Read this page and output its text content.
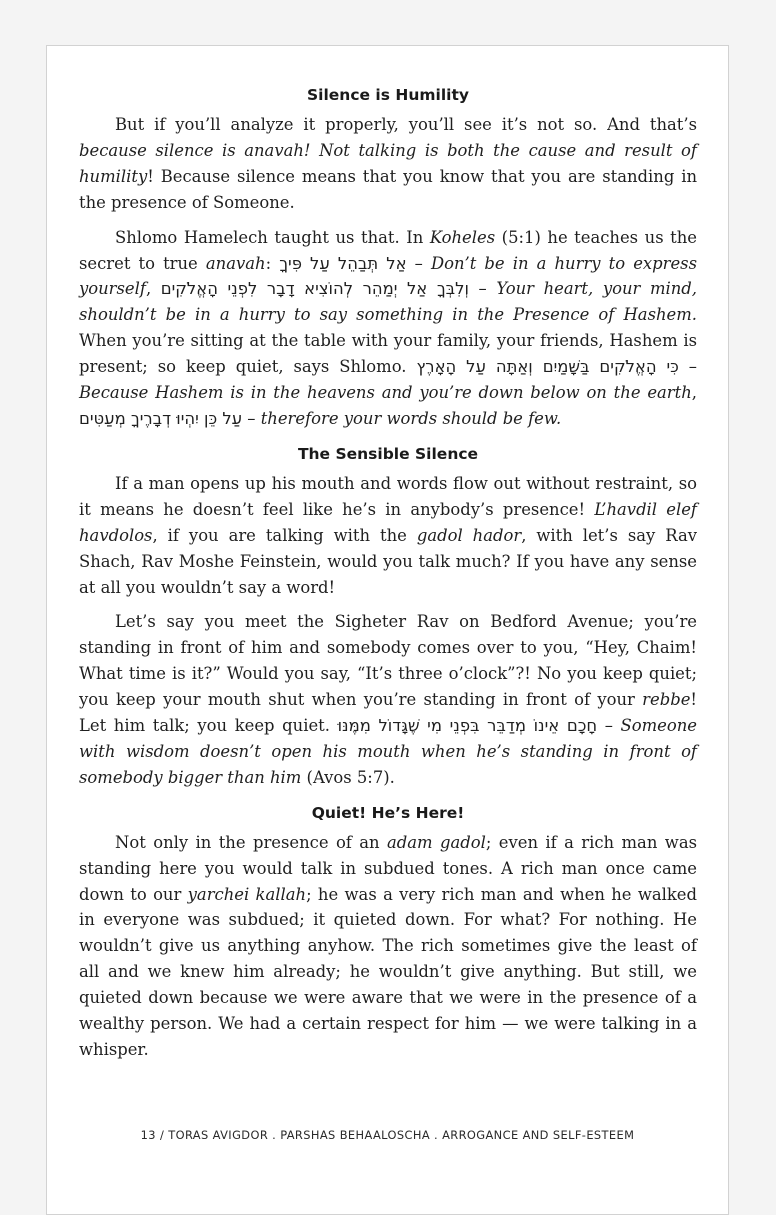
Silence is Humility

But if you’ll analyze it properly, you’ll see it’s not so. And that’s because silence is anavah! Not talking is both the cause and result of humility! Because silence means that you know that you are standing in the presence of Someone.

Shlomo Hamelech taught us that. In Koheles (5:1) he teaches us the secret to true anavah: אַל תְּבַהֵל עַל פִּיךָ – Don’t be in a hurry to express yourself, וְלִבְּךָ אַל יְמַהֵר לְהוֹצִיא דָבָר לִפְנֵי הָאֱלֹקִים – Your heart, your mind, shouldn’t be in a hurry to say something in the Presence of Hashem. When you’re sitting at the table with your family, your friends, Hashem is present; so keep quiet, says Shlomo. כִּי הָאֱלֹקִים בַּשָּׁמַיִם וְאַתָּה עַל הָאָרֶץ – Because Hashem is in the heavens and you’re down below on the earth, עַל כֵּן יִהְיוּ דְבָרֶיךָ מְעַטִּים – therefore your words should be few.

The Sensible Silence

If a man opens up his mouth and words flow out without restraint, so it means he doesn’t feel like he’s in anybody’s presence! L’havdil elef havdolos, if you are talking with the gadol hador, with let’s say Rav Shach, Rav Moshe Feinstein, would you talk much? If you have any sense at all you wouldn’t say a word!

Let’s say you meet the Sigheter Rav on Bedford Avenue; you’re standing in front of him and somebody comes over to you, “Hey, Chaim! What time is it?” Would you say, “It’s three o’clock”?! No you keep quiet; you keep your mouth shut when you’re standing in front of your rebbe! Let him talk; you keep quiet. חָכָם אֵינוֹ מְדַבֵּר בִּפְנֵי מִי שֶׁגָּדוֹל מִמֶּנּוּ – Someone with wisdom doesn’t open his mouth when he’s standing in front of somebody bigger than him (Avos 5:7).

Quiet! He’s Here!

Not only in the presence of an adam gadol; even if a rich man was standing here you would talk in subdued tones. A rich man once came down to our yarchei kallah; he was a very rich man and when he walked in everyone was subdued; it quieted down. For what? For nothing. He wouldn’t give us anything anyhow. The rich sometimes give the least of all and we knew him already; he wouldn’t give anything. But still, we quieted down because we were aware that we were in the presence of a wealthy person. We had a certain respect for him — we were talking in a whisper.

13 / TORAS AVIGDOR . PARSHAS BEHAALOSCHA . ARROGANCE AND SELF-ESTEEM
